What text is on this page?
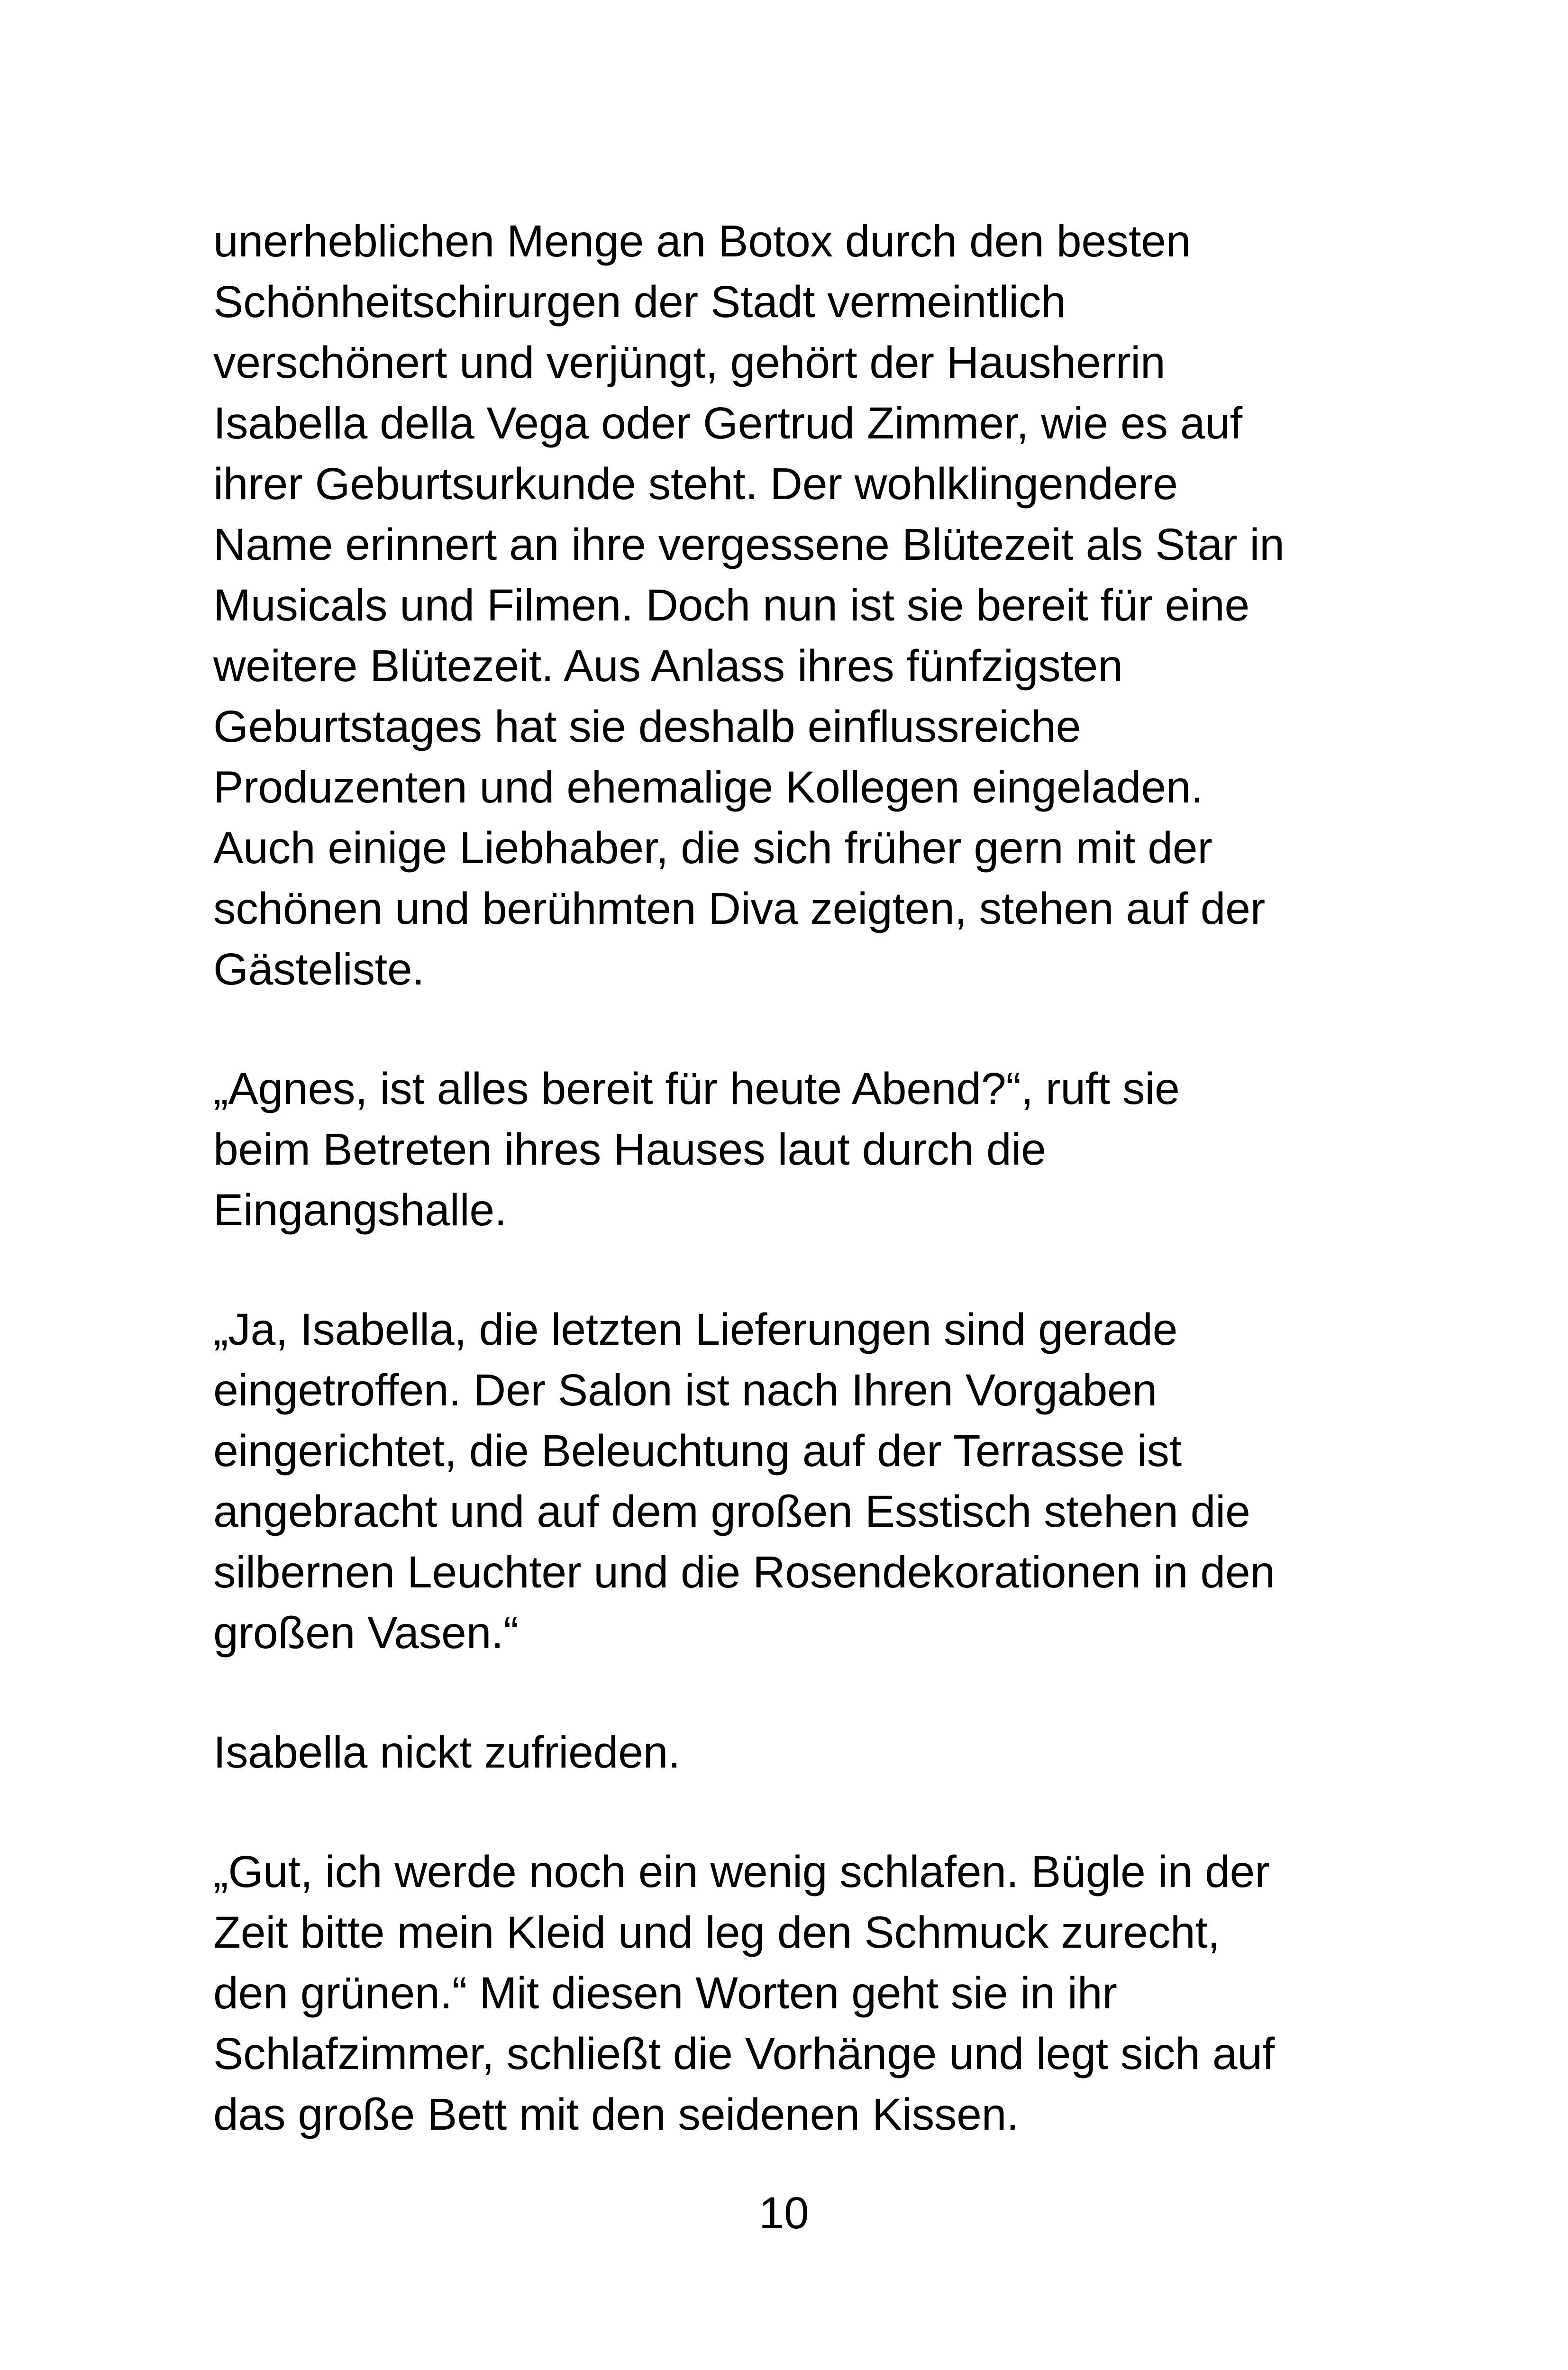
unerheblichen Menge an Botox durch den besten
Schönheitschirurgen der Stadt vermeintlich
verschönert und verjüngt, gehört der Hausherrin
Isabella della Vega oder Gertrud Zimmer, wie es auf
ihrer Geburtsurkunde steht. Der wohlklingendere
Name erinnert an ihre vergessene Blütezeit als Star in
Musicals und Filmen. Doch nun ist sie bereit für eine
weitere Blütezeit. Aus Anlass ihres fünfzigsten
Geburtstages hat sie deshalb einflussreiche
Produzenten und ehemalige Kollegen eingeladen.
Auch einige Liebhaber, die sich früher gern mit der
schönen und berühmten Diva zeigten, stehen auf der
Gästeliste.
„Agnes, ist alles bereit für heute Abend?“, ruft sie
beim Betreten ihres Hauses laut durch die
Eingangshalle.
„Ja, Isabella, die letzten Lieferungen sind gerade
eingetroffen. Der Salon ist nach Ihren Vorgaben
eingerichtet, die Beleuchtung auf der Terrasse ist
angebracht und auf dem großen Esstisch stehen die
silbernen Leuchter und die Rosendekorationen in den
großen Vasen.“
Isabella nickt zufrieden.
„Gut, ich werde noch ein wenig schlafen. Bügle in der
Zeit bitte mein Kleid und leg den Schmuck zurecht,
den grünen.“ Mit diesen Worten geht sie in ihr
Schlafzimmer, schließt die Vorhänge und legt sich auf
das große Bett mit den seidenen Kissen.
10
